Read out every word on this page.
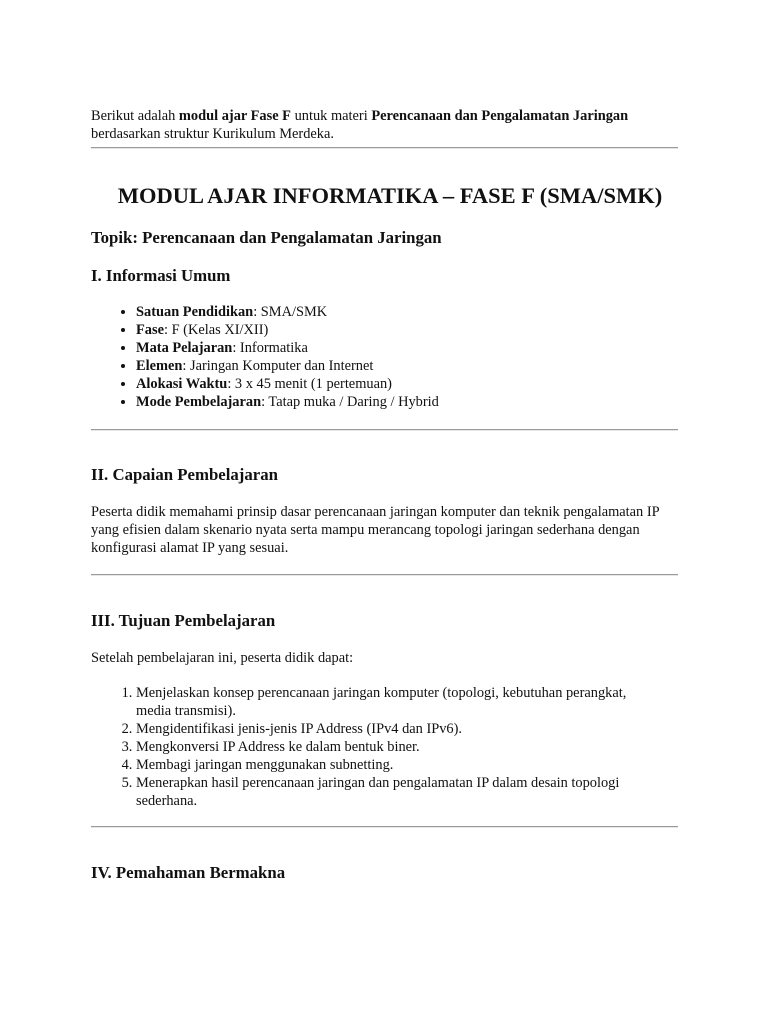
Berikut adalah modul ajar Fase F untuk materi Perencanaan dan Pengalamatan Jaringan berdasarkan struktur Kurikulum Merdeka.

MODUL AJAR INFORMATIKA – FASE F (SMA/SMK)
Topik: Perencanaan dan Pengalamatan Jaringan
I. Informasi Umum
• Satuan Pendidikan: SMA/SMK
• Fase: F (Kelas XI/XII)
• Mata Pelajaran: Informatika
• Elemen: Jaringan Komputer dan Internet
• Alokasi Waktu: 3 x 45 menit (1 pertemuan)
• Mode Pembelajaran: Tatap muka / Daring / Hybrid
II. Capaian Pembelajaran

Peserta didik memahami prinsip dasar perencanaan jaringan komputer dan teknik pengalamatan IP yang efisien dalam skenario nyata serta mampu merancang topologi jaringan sederhana dengan konfigurasi alamat IP yang sesuai.

III. Tujuan Pembelajaran

Setelah pembelajaran ini, peserta didik dapat:

1. Menjelaskan konsep perencanaan jaringan komputer (topologi, kebutuhan perangkat, media transmisi).
2. Mengidentifikasi jenis-jenis IP Address (IPv4 dan IPv6).
3. Mengkonversi IP Address ke dalam bentuk biner.
4. Membagi jaringan menggunakan subnetting.
5. Menerapkan hasil perencanaan jaringan dan pengalamatan IP dalam desain topologi sederhana.
IV. Pemahaman Bermakna
